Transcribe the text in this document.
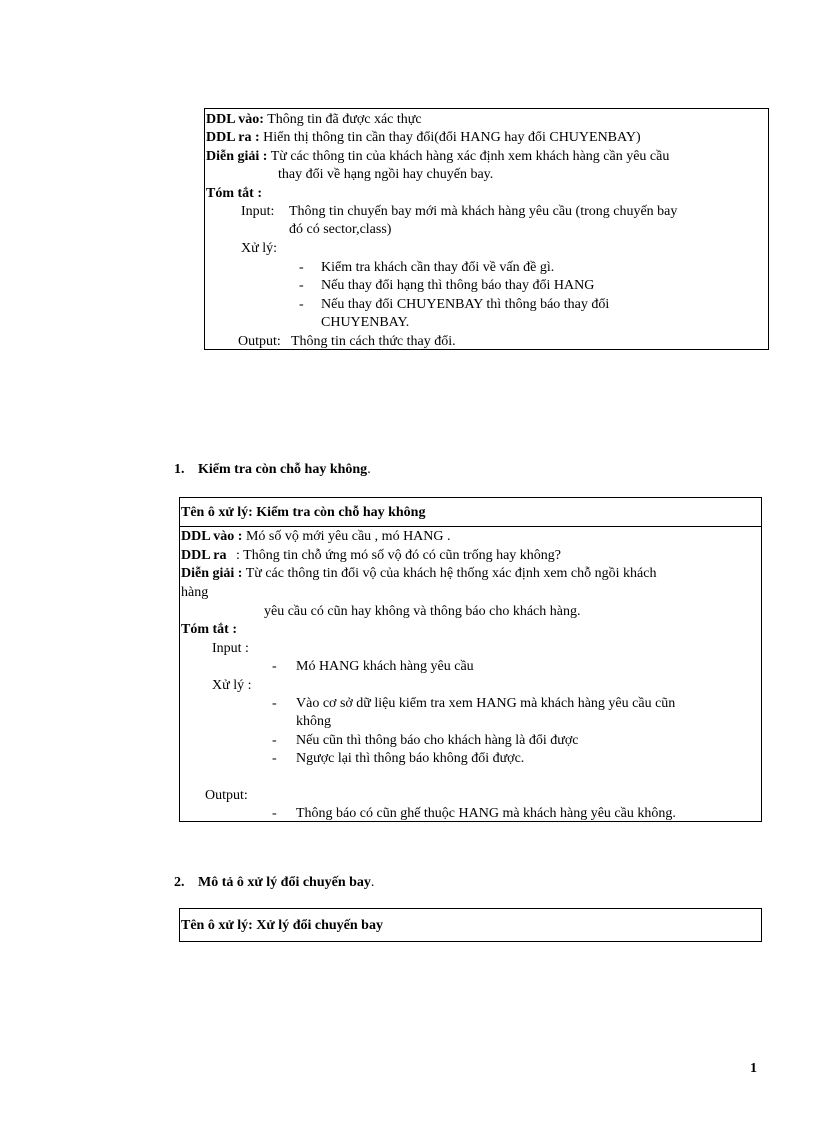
DDL vào: Thông tin đã được xác thực
DDL ra : Hiển thị thông tin cần thay đổi(đổi HANG hay đổi CHUYENBAY)
Diễn giải : Từ các thông tin của khách hàng xác định xem khách hàng cần yêu cầu
thay đổi về hạng ngồi hay chuyến bay.
Tóm tắt :
Input: Thông tin chuyến bay mới mà khách hàng yêu cầu (trong chuyến bay
đó có sector,class)
Xử lý:
- Kiểm tra khách cần thay đổi về vấn đề gì.
- Nếu thay đổi hạng thì thông báo thay đổi HANG
- Nếu thay đổi CHUYENBAY thì thông báo thay đổi
CHUYENBAY.
Output: Thông tin cách thức thay đổi.
1. Kiểm tra còn chỗ hay không.
Tên ô xử lý: Kiểm tra còn chỗ hay không
DDL vào : Mó số vộ mới yêu cầu , mó HANG .
DDL ra : Thông tin chỗ ứng mó số vộ đó có cũn trống hay không?
Diễn giải : Từ các thông tin đổi vộ của khách hệ thống xác định xem chỗ ngồi khách
hàng
yêu cầu có cũn hay không và thông báo cho khách hàng.
Tóm tắt :
Input :
- Mó HANG khách hàng yêu cầu
Xử lý :
- Vào cơ sở dữ liệu kiểm tra xem HANG mà khách hàng yêu cầu cũn
không
- Nếu cũn thì thông báo cho khách hàng là đổi được
- Ngược lại thì thông báo không đổi được.
Output:
- Thông báo có cũn ghế thuộc HANG mà khách hàng yêu cầu không.
2. Mô tả ô xử lý đổi chuyến bay.
Tên ô xử lý: Xử lý đổi chuyến bay
1
